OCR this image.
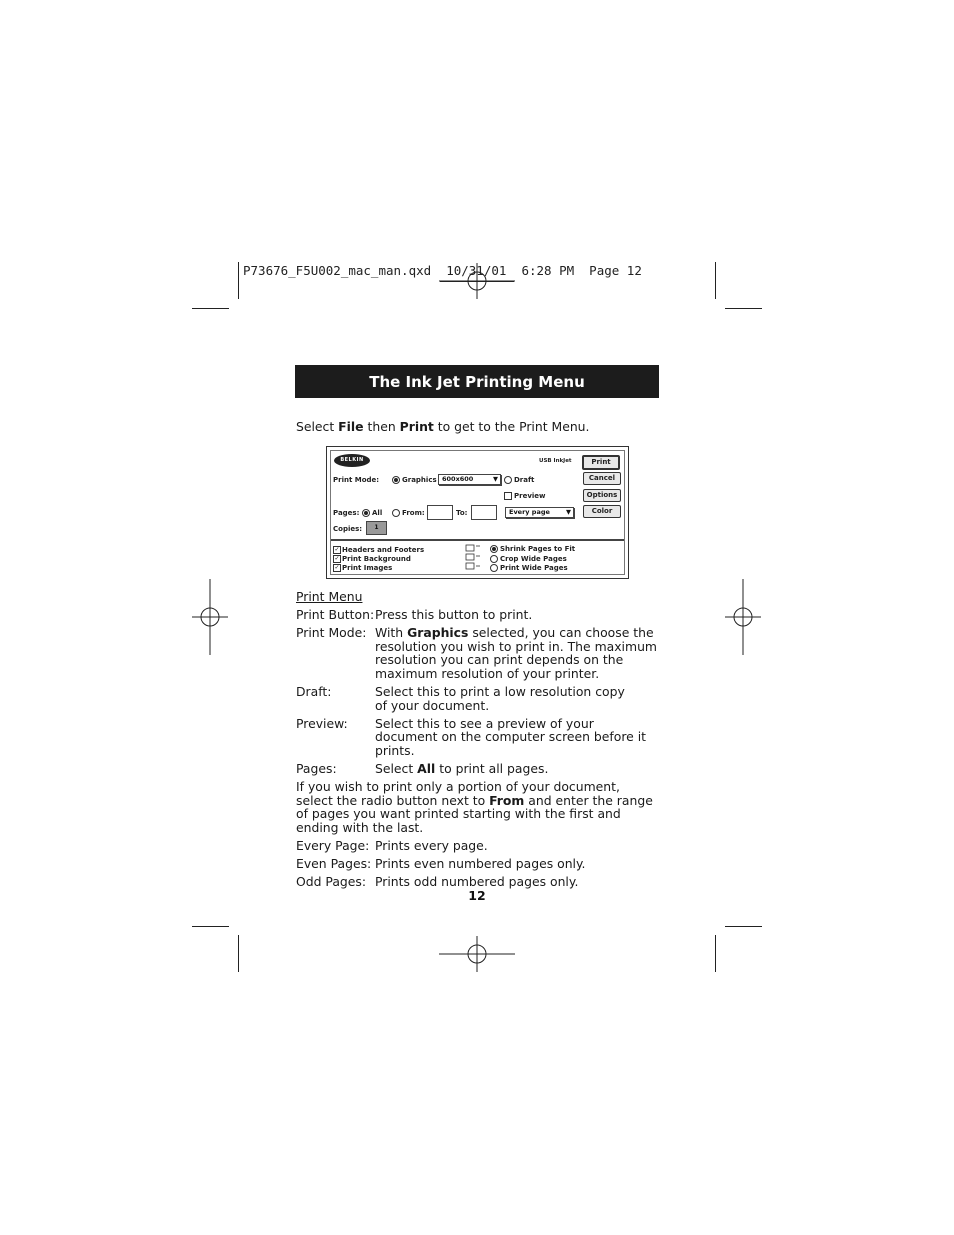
P73676_F5U002_mac_man.qxd  10/31/01  6:28 PM  Page 12
The Ink Jet Printing Menu
Select File then Print to get to the Print Menu.
BELKIN	USB InkJet
Print Mode:	Graphics 600x600	▼ Draft
Preview
Pages: All	From:	To:	Every page ▼
Copies:	1
Print
Cancel
Options
Color
✓ Headers and Footers
✓ Print Background
✓ Print Images
Shrink Pages to Fit
Crop Wide Pages
Print Wide Pages
Print Menu
Print Button: Press this button to print.
Print Mode: With Graphics selected, you can choose the resolution you wish to print in. The maximum resolution you can print depends on the maximum resolution of your printer.
Draft:	Select this to print a low resolution copy of your document.
Preview:	Select this to see a preview of your document on the computer screen before it prints.
Pages:	Select All to print all pages.

If you wish to print only a portion of your document, select the radio button next to From and enter the range of pages you want printed starting with the first and ending with the last.

Every Page: Prints every page.
Even Pages: Prints even numbered pages only.
Odd Pages: Prints odd numbered pages only.
12
